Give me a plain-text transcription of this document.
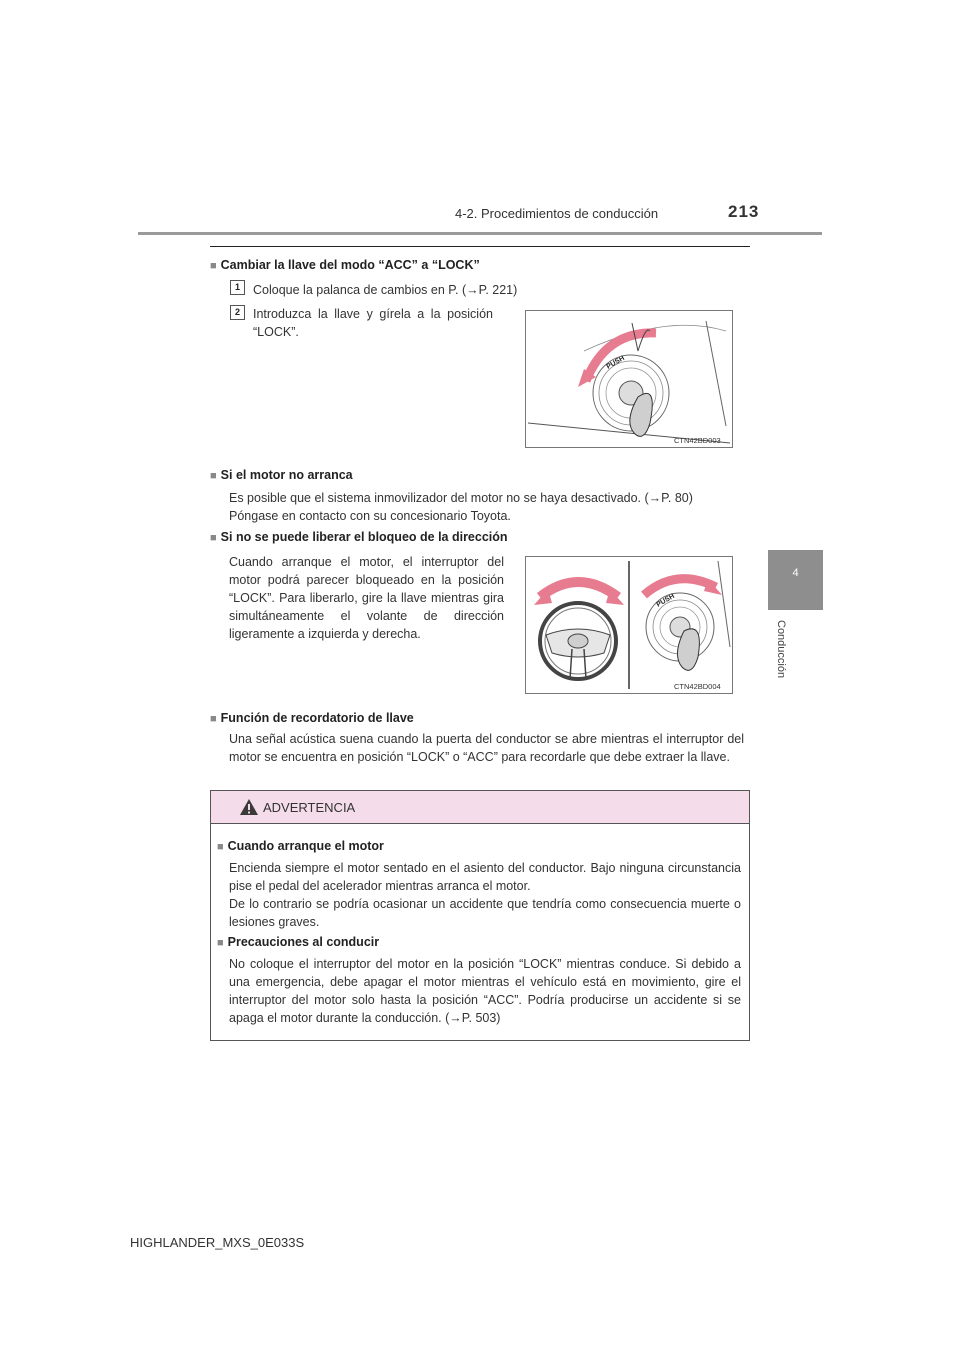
4-2. Procedimientos de conducción	213
4
Conducción
■ Cambiar la llave del modo “ACC” a “LOCK”
1	Coloque la palanca de cambios en P. (→P. 221)
2	Introduzca la llave y gírela a la posición “LOCK”.
PUSH
CTN42BD003
■ Si el motor no arranca
Es posible que el sistema inmovilizador del motor no se haya desactivado. (→P. 80)
Póngase en contacto con su concesionario Toyota.
■ Si no se puede liberar el bloqueo de la dirección
Cuando arranque el motor, el interruptor del motor podrá parecer bloqueado en la posición “LOCK”. Para liberarlo, gire la llave mientras gira simultáneamente el volante de dirección ligeramente a izquierda y derecha.
PUSH
CTN42BD004
■ Función de recordatorio de llave
Una señal acústica suena cuando la puerta del conductor se abre mientras el interruptor del motor se encuentra en posición “LOCK” o “ACC” para recordarle que debe extraer la llave.
ADVERTENCIA
■ Cuando arranque el motor
Encienda siempre el motor sentado en el asiento del conductor. Bajo ninguna circunstancia pise el pedal del acelerador mientras arranca el motor.
De lo contrario se podría ocasionar un accidente que tendría como consecuencia muerte o lesiones graves.
■ Precauciones al conducir
No coloque el interruptor del motor en la posición “LOCK” mientras conduce. Si debido a una emergencia, debe apagar el motor mientras el vehículo está en movimiento, gire el interruptor del motor solo hasta la posición “ACC”. Podría producirse un accidente si se apaga el motor durante la conducción. (→P. 503)
HIGHLANDER_MXS_0E033S
